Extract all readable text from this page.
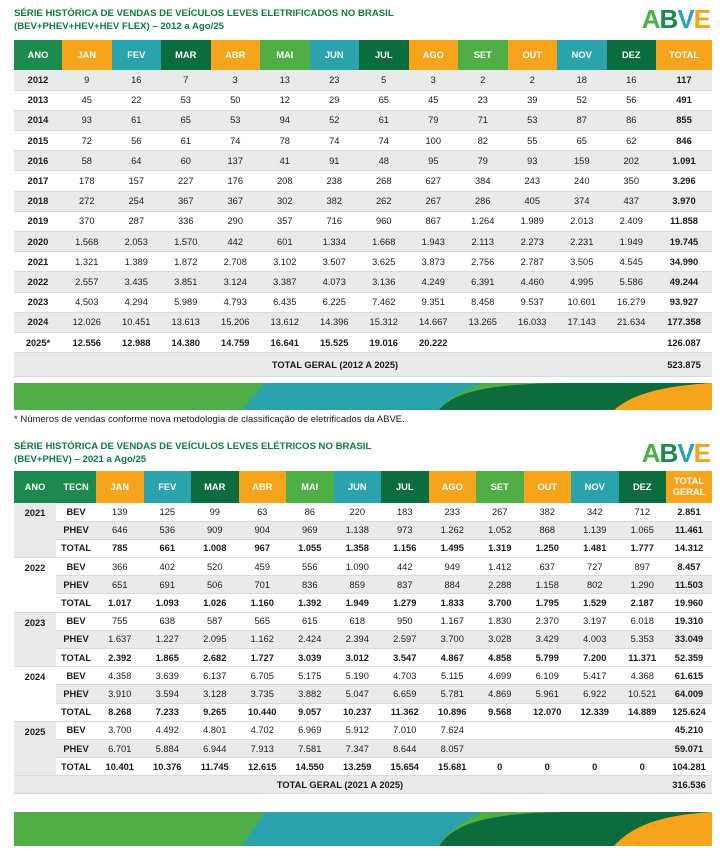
SÉRIE HISTÓRICA DE VENDAS DE VEÍCULOS LEVES ELETRIFICADOS NO BRASIL
(BEV+PHEV+HEV+HEV FLEX) – 2012 a Ago/25	ABVE
ANO	JAN	FEV	MAR	ABR	MAI	JUN	JUL	AGO	SET	OUT	NOV	DEZ	TOTAL
2012	9	16	7	3	13	23	5	3	2	2	18	16	117
2013	45	22	53	50	12	29	65	45	23	39	52	56	491
2014	93	61	65	53	94	52	61	79	71	53	87	86	855
2015	72	56	61	74	78	74	74	100	82	55	65	62	846
2016	58	64	60	137	41	91	48	95	79	93	159	202	1.091
2017	178	157	227	176	208	238	268	627	384	243	240	350	3.296
2018	272	254	367	367	302	382	262	267	286	405	374	437	3.970
2019	370	287	336	290	357	716	960	867	1.264	1.989	2.013	2.409	11.858
2020	1.568	2.053	1.570	442	601	1.334	1.668	1.943	2.113	2.273	2.231	1.949	19.745
2021	1.321	1.389	1.872	2.708	3.102	3.507	3.625	3.873	2.756	2.787	3.505	4.545	34.990
2022	2.557	3.435	3.851	3.124	3.387	4.073	3.136	4.249	6.391	4.460	4.995	5.586	49.244
2023	4.503	4.294	5.989	4.793	6.435	6.225	7.462	9.351	8.458	9.537	10.601	16.279	93.927
2024	12.026	10.451	13.613	15.206	13.612	14.396	15.312	14.667	13.265	16.033	17.143	21.634	177.358
2025*	12.556	12.988	14.380	14.759	16.641	15.525	19.016	20.222					126.087
TOTAL GERAL (2012 A 2025)													523.875
* Números de vendas conforme nova metodologia de classificação de eletrificados da ABVE.
SÉRIE HISTÓRICA DE VENDAS DE VEÍCULOS LEVES ELÉTRICOS NO BRASIL
(BEV+PHEV) – 2021 a Ago/25	ABVE
ANO	TECN	JAN	FEV	MAR	ABR	MAI	JUN	JUL	AGO	SET	OUT	NOV	DEZ	TOTAL GERAL
2021	BEV	139	125	99	63	86	220	183	233	267	382	342	712	2.851
	PHEV	646	536	909	904	969	1.138	973	1.262	1.052	868	1.139	1.065	11.461
	TOTAL	785	661	1.008	967	1.055	1.358	1.156	1.495	1.319	1.250	1.481	1.777	14.312
2022	BEV	366	402	520	459	556	1.090	442	949	1.412	637	727	897	8.457
	PHEV	651	691	506	701	836	859	837	884	2.288	1.158	802	1.290	11.503
	TOTAL	1.017	1.093	1.026	1.160	1.392	1.949	1.279	1.833	3.700	1.795	1.529	2.187	19.960
2023	BEV	755	638	587	565	615	618	950	1.167	1.830	2.370	3.197	6.018	19.310
	PHEV	1.637	1.227	2.095	1.162	2.424	2.394	2.597	3.700	3.028	3.429	4.003	5.353	33.049
	TOTAL	2.392	1.865	2.682	1.727	3.039	3.012	3.547	4.867	4.858	5.799	7.200	11.371	52.359
2024	BEV	4.358	3.639	6.137	6.705	5.175	5.190	4.703	5.115	4.699	6.109	5.417	4.368	61.615
	PHEV	3.910	3.594	3.128	3.735	3.882	5.047	6.659	5.781	4.869	5.961	6.922	10.521	64.009
	TOTAL	8.268	7.233	9.265	10.440	9.057	10.237	11.362	10.896	9.568	12.070	12.339	14.889	125.624
2025	BEV	3.700	4.492	4.801	4.702	6.969	5.912	7.010	7.624					45.210
	PHEV	6.701	5.884	6.944	7.913	7.581	7.347	8.644	8.057					59.071
	TOTAL	10.401	10.376	11.745	12.615	14.550	13.259	15.654	15.681	0	0	0	0	104.281
TOTAL GERAL (2021 A 2025)														316.536
